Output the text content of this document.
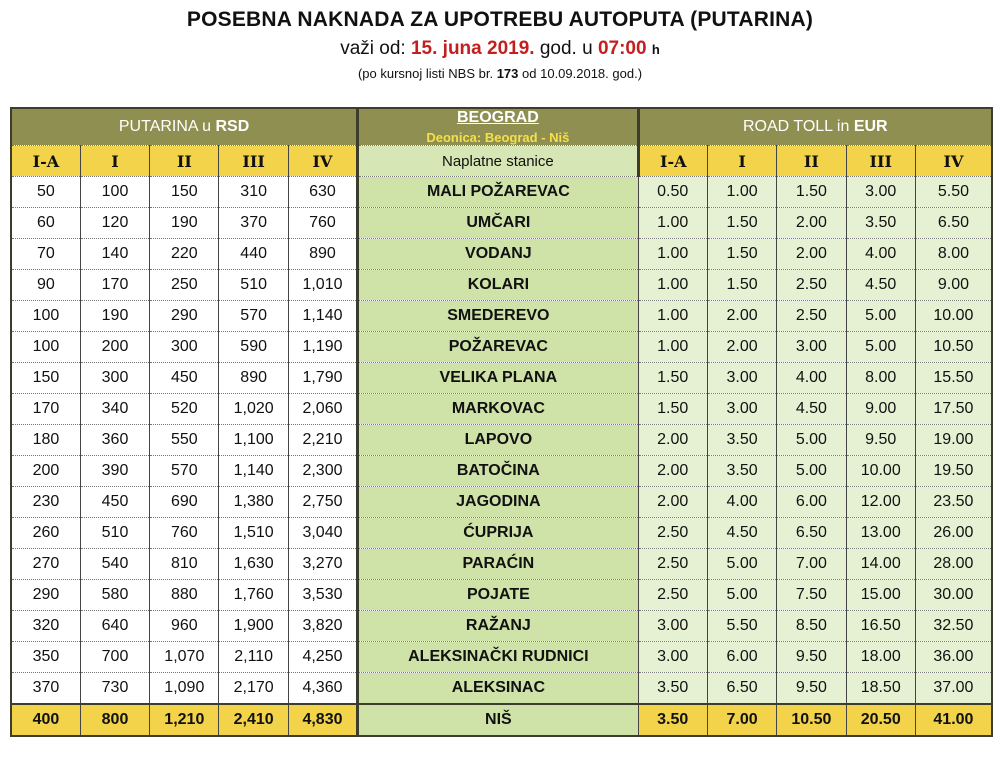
POSEBNA NAKNADA ZA UPOTREBU AUTOPUTA (PUTARINA)
važi od: 15. juna 2019. god. u 07:00 h
(po kursnoj listi NBS br. 173 od 10.09.2018. god.)
PUTARINA u RSD					BEOGRAD
Deonica: Beograd - Niš	ROAD TOLL in EUR				
I-A	I	II	III	IV	Naplatne stanice	I-A	I	II	III	IV
50	100	150	310	630	MALI POŽAREVAC	0.50	1.00	1.50	3.00	5.50
60	120	190	370	760	UMČARI	1.00	1.50	2.00	3.50	6.50
70	140	220	440	890	VODANJ	1.00	1.50	2.00	4.00	8.00
90	170	250	510	1,010	KOLARI	1.00	1.50	2.50	4.50	9.00
100	190	290	570	1,140	SMEDEREVO	1.00	2.00	2.50	5.00	10.00
100	200	300	590	1,190	POŽAREVAC	1.00	2.00	3.00	5.00	10.50
150	300	450	890	1,790	VELIKA PLANA	1.50	3.00	4.00	8.00	15.50
170	340	520	1,020	2,060	MARKOVAC	1.50	3.00	4.50	9.00	17.50
180	360	550	1,100	2,210	LAPOVO	2.00	3.50	5.00	9.50	19.00
200	390	570	1,140	2,300	BATOČINA	2.00	3.50	5.00	10.00	19.50
230	450	690	1,380	2,750	JAGODINA	2.00	4.00	6.00	12.00	23.50
260	510	760	1,510	3,040	ĆUPRIJA	2.50	4.50	6.50	13.00	26.00
270	540	810	1,630	3,270	PARAĆIN	2.50	5.00	7.00	14.00	28.00
290	580	880	1,760	3,530	POJATE	2.50	5.00	7.50	15.00	30.00
320	640	960	1,900	3,820	RAŽANJ	3.00	5.50	8.50	16.50	32.50
350	700	1,070	2,110	4,250	ALEKSINAČKI RUDNICI	3.00	6.00	9.50	18.00	36.00
370	730	1,090	2,170	4,360	ALEKSINAC	3.50	6.50	9.50	18.50	37.00
400	800	1,210	2,410	4,830	NIŠ	3.50	7.00	10.50	20.50	41.00
